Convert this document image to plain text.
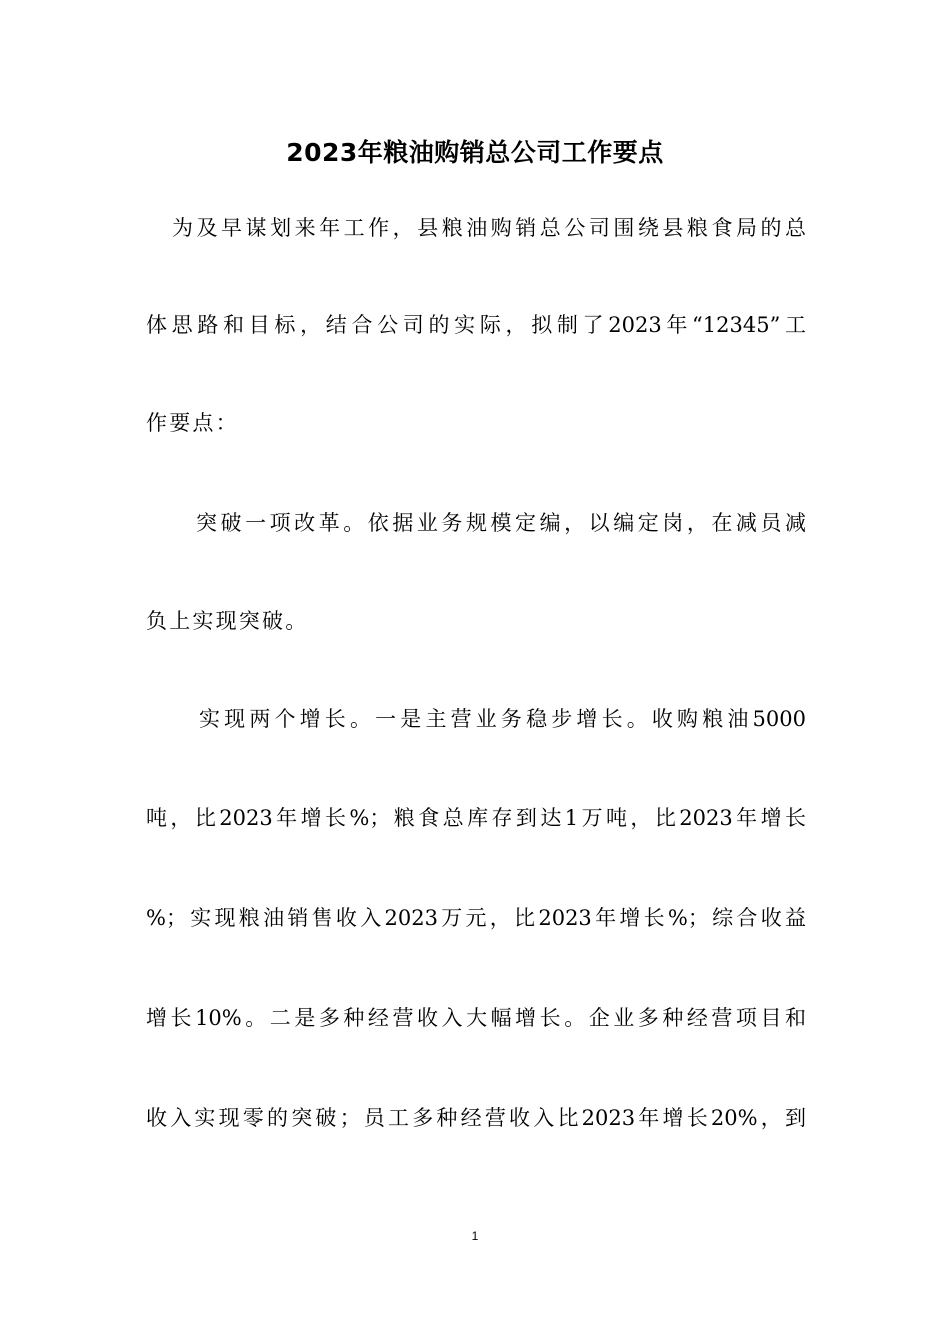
2023年粮油购销总公司工作要点
为及早谋划来年工作，县粮油购销总公司围绕县粮食局的总
体思路和目标，结合公司的实际，拟制了2023年“12345”工
作要点：
突破一项改革。依据业务规模定编，以编定岗，在减员减
负上实现突破。
实现两个增长。一是主营业务稳步增长。收购粮油5000
吨，比2023年增长%；粮食总库存到达1万吨，比2023年增长
%；实现粮油销售收入2023万元，比2023年增长%；综合收益
增长10%。二是多种经营收入大幅增长。企业多种经营项目和
收入实现零的突破；员工多种经营收入比2023年增长20%，到
1
